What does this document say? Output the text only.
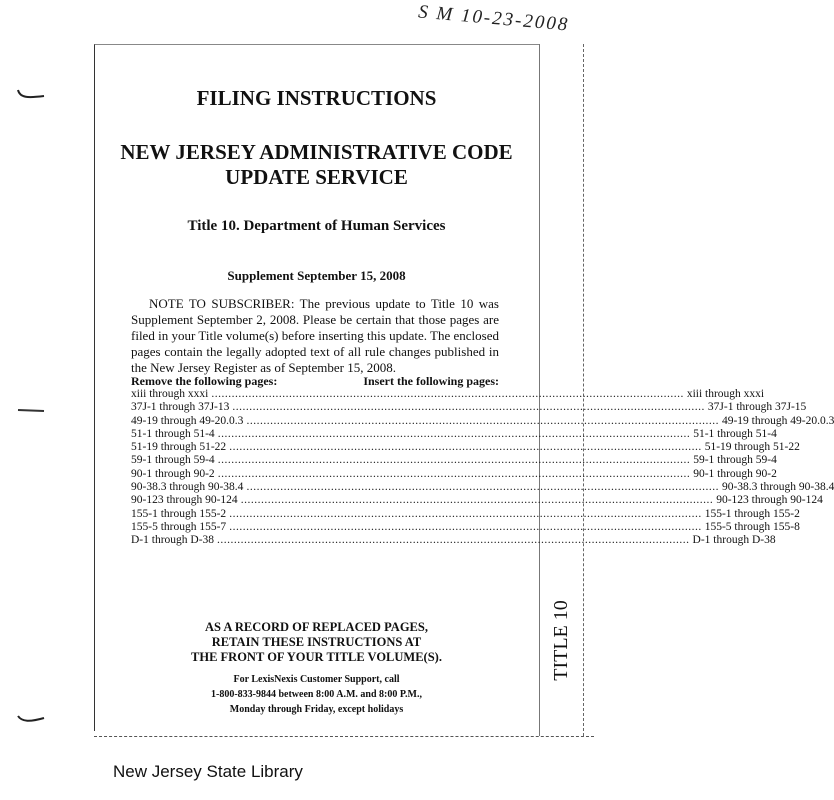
S M 10-23-2008
FILING INSTRUCTIONS
NEW JERSEY ADMINISTRATIVE CODE
UPDATE SERVICE
Title 10. Department of Human Services
Supplement September 15, 2008
NOTE TO SUBSCRIBER: The previous update to Title 10 was Supplement September 2, 2008. Please be certain that those pages are filed in your Title volume(s) before inserting this update. The enclosed pages contain the legally adopted text of all rule changes published in the New Jersey Register as of September 15, 2008.
Remove the following pages:	Insert the following pages:
xiii through xxxi ............................................................................................................................................ xiii through xxxi
37J-1 through 37J-13 ............................................................................................................................................ 37J-1 through 37J-15
49-19 through 49-20.0.3 ............................................................................................................................................ 49-19 through 49-20.0.3
51-1 through 51-4 ............................................................................................................................................ 51-1 through 51-4
51-19 through 51-22 ............................................................................................................................................ 51-19 through 51-22
59-1 through 59-4 ............................................................................................................................................ 59-1 through 59-4
90-1 through 90-2 ............................................................................................................................................ 90-1 through 90-2
90-38.3 through 90-38.4 ............................................................................................................................................ 90-38.3 through 90-38.4
90-123 through 90-124 ............................................................................................................................................ 90-123 through 90-124
155-1 through 155-2 ............................................................................................................................................ 155-1 through 155-2
155-5 through 155-7 ............................................................................................................................................ 155-5 through 155-8
D-1 through D-38 ............................................................................................................................................ D-1 through D-38
AS A RECORD OF REPLACED PAGES,
RETAIN THESE INSTRUCTIONS AT
THE FRONT OF YOUR TITLE VOLUME(S).
For LexisNexis Customer Support, call
1-800-833-9844 between 8:00 A.M. and 8:00 P.M.,
Monday through Friday, except holidays
TITLE 10
New Jersey State Library
